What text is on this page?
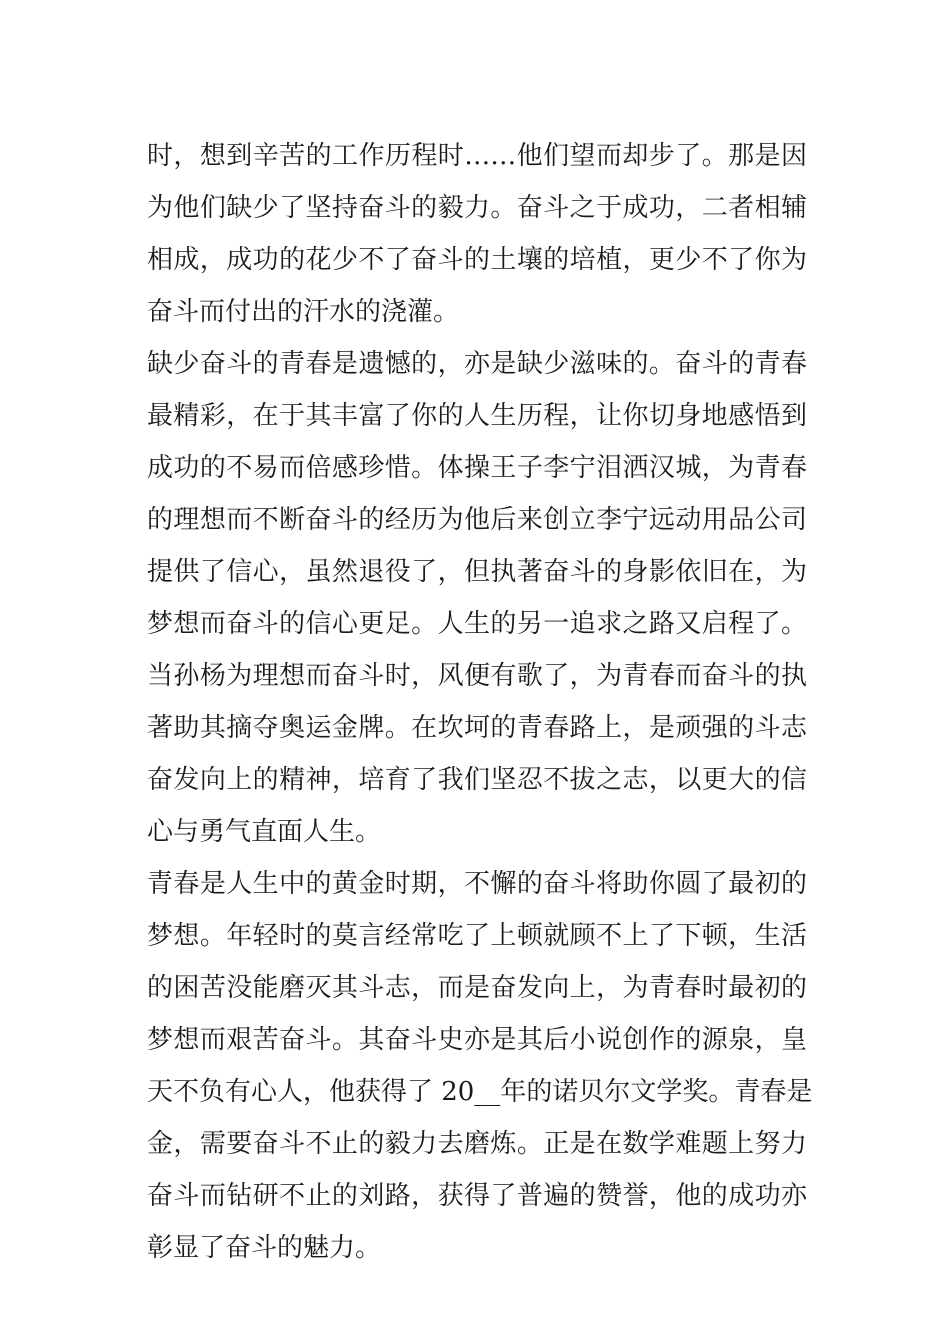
时，想到辛苦的工作历程时……他们望而却步了。那是因
为他们缺少了坚持奋斗的毅力。奋斗之于成功，二者相辅
相成，成功的花少不了奋斗的土壤的培植，更少不了你为
奋斗而付出的汗水的浇灌。
缺少奋斗的青春是遗憾的，亦是缺少滋味的。奋斗的青春
最精彩，在于其丰富了你的人生历程，让你切身地感悟到
成功的不易而倍感珍惜。体操王子李宁泪洒汉城，为青春
的理想而不断奋斗的经历为他后来创立李宁远动用品公司
提供了信心，虽然退役了，但执著奋斗的身影依旧在，为
梦想而奋斗的信心更足。人生的另一追求之路又启程了。
当孙杨为理想而奋斗时，风便有歌了，为青春而奋斗的执
著助其摘夺奥运金牌。在坎坷的青春路上，是顽强的斗志
奋发向上的精神，培育了我们坚忍不拔之志，以更大的信
心与勇气直面人生。
青春是人生中的黄金时期，不懈的奋斗将助你圆了最初的
梦想。年轻时的莫言经常吃了上顿就顾不上了下顿，生活
的困苦没能磨灭其斗志，而是奋发向上，为青春时最初的
梦想而艰苦奋斗。其奋斗史亦是其后小说创作的源泉，皇
天不负有心人，他获得了 20__年的诺贝尔文学奖。青春是
金，需要奋斗不止的毅力去磨炼。正是在数学难题上努力
奋斗而钻研不止的刘路，获得了普遍的赞誉，他的成功亦
彰显了奋斗的魅力。
